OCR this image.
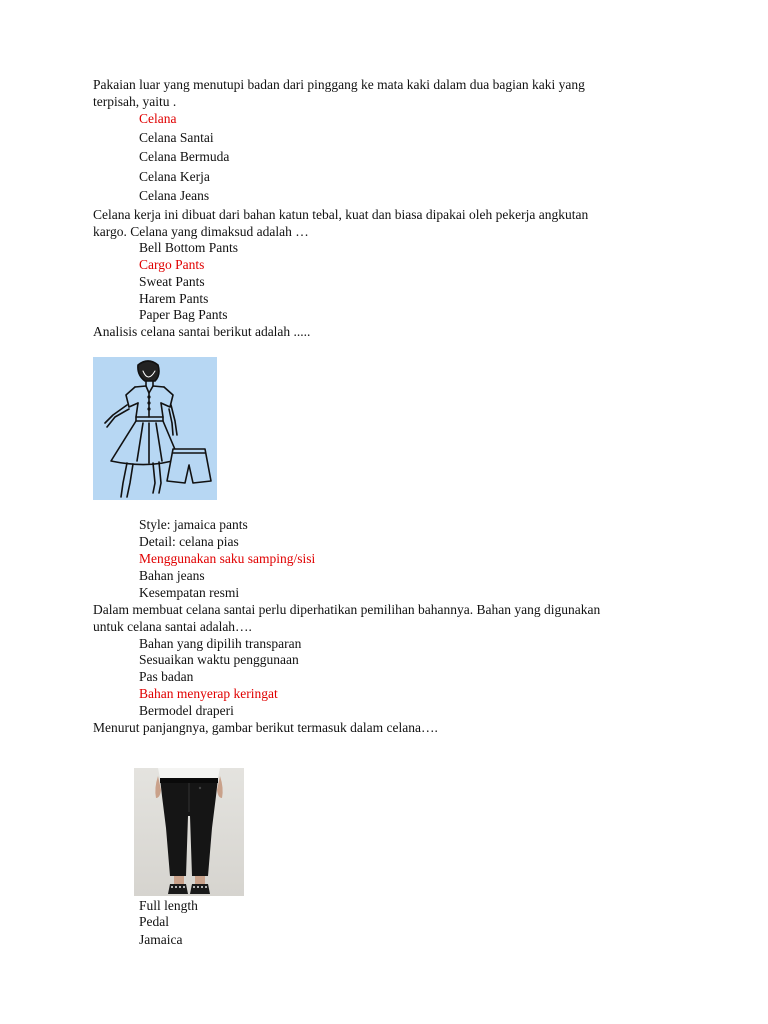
Pakaian luar yang menutupi badan dari pinggang ke mata kaki dalam dua bagian kaki yang
terpisah, yaitu .
Celana
Celana Santai
Celana Bermuda
Celana Kerja
Celana Jeans
Celana kerja ini dibuat dari bahan katun tebal, kuat dan biasa dipakai oleh pekerja angkutan
kargo. Celana yang dimaksud adalah …
Bell Bottom Pants
Cargo Pants
Sweat Pants
Harem Pants
Paper Bag Pants
Analisis celana santai berikut adalah .....
Style: jamaica pants
Detail: celana pias
Menggunakan saku samping/sisi
Bahan jeans
Kesempatan resmi
Dalam membuat celana santai perlu diperhatikan pemilihan bahannya. Bahan yang digunakan
untuk celana santai adalah….
Bahan yang dipilih transparan
Sesuaikan waktu penggunaan
Pas badan
Bahan menyerap keringat
Bermodel draperi
Menurut panjangnya, gambar berikut termasuk dalam celana….
Full length
Pedal
Jamaica
